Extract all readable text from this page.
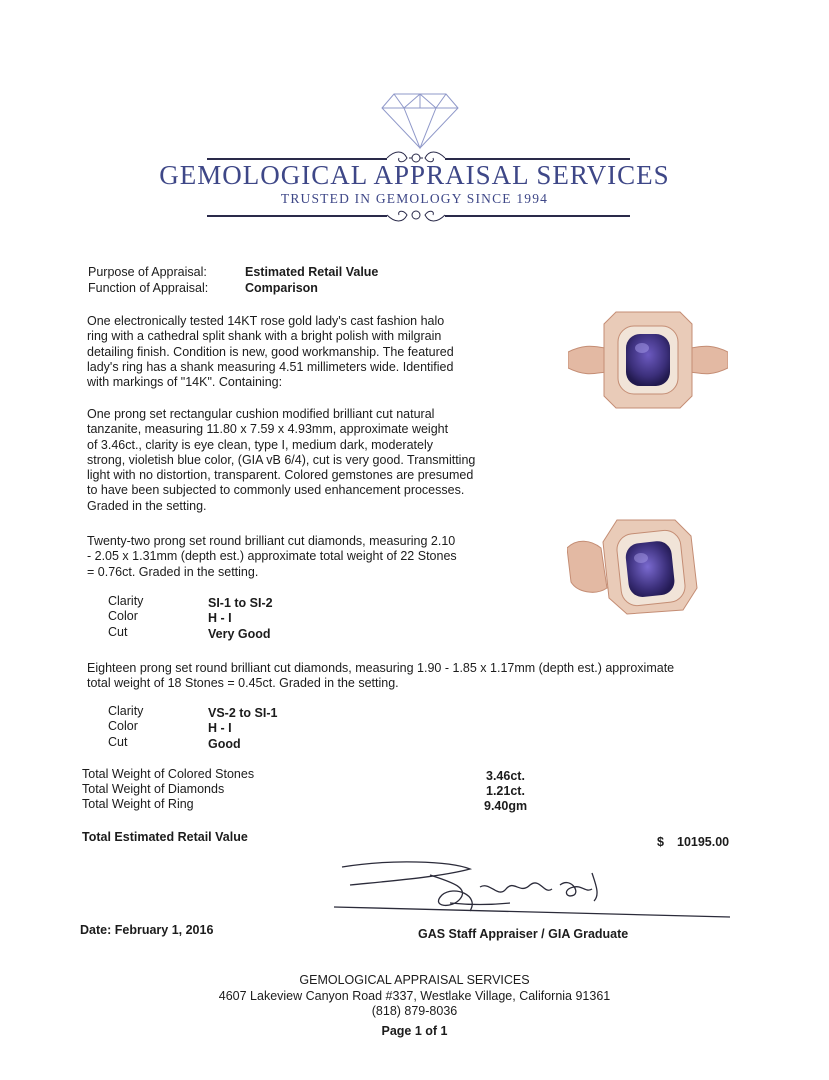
GEMOLOGICAL APPRAISAL SERVICES
TRUSTED IN GEMOLOGY SINCE 1994
Purpose of Appraisal:	Estimated Retail Value
Function of Appraisal:	Comparison
One electronically tested 14KT rose gold lady's cast fashion halo
ring with a cathedral split shank with a bright polish with milgrain
detailing finish. Condition is new, good workmanship. The featured
lady's ring has a shank measuring 4.51 millimeters wide. Identified
with markings of "14K". Containing:
One prong set rectangular cushion modified brilliant cut natural
tanzanite, measuring 11.80 x 7.59 x 4.93mm, approximate weight
of 3.46ct., clarity is eye clean, type I, medium dark, moderately
strong, violetish blue color, (GIA vB 6/4), cut is very good. Transmitting
light with no distortion, transparent. Colored gemstones are presumed
to have been subjected to commonly used enhancement processes.
Graded in the setting.
Twenty-two prong set round brilliant cut diamonds, measuring 2.10
- 2.05 x 1.31mm (depth est.) approximate total weight of 22 Stones
= 0.76ct. Graded in the setting.
Clarity	SI-1 to SI-2
Color	H - I
Cut	Very Good
Eighteen prong set round brilliant cut diamonds, measuring 1.90 - 1.85 x 1.17mm (depth est.) approximate
total weight of 18 Stones = 0.45ct. Graded in the setting.
Clarity	VS-2 to SI-1
Color	H - I
Cut	Good
Total Weight of Colored Stones	3.46ct.
Total Weight of Diamonds	1.21ct.
Total Weight of Ring	9.40gm
Total Estimated Retail Value	$ 10195.00
Date: February 1, 2016	GAS Staff Appraiser / GIA Graduate
GEMOLOGICAL APPRAISAL SERVICES
4607 Lakeview Canyon Road #337, Westlake Village, California 91361
(818) 879-8036
Page 1 of 1
